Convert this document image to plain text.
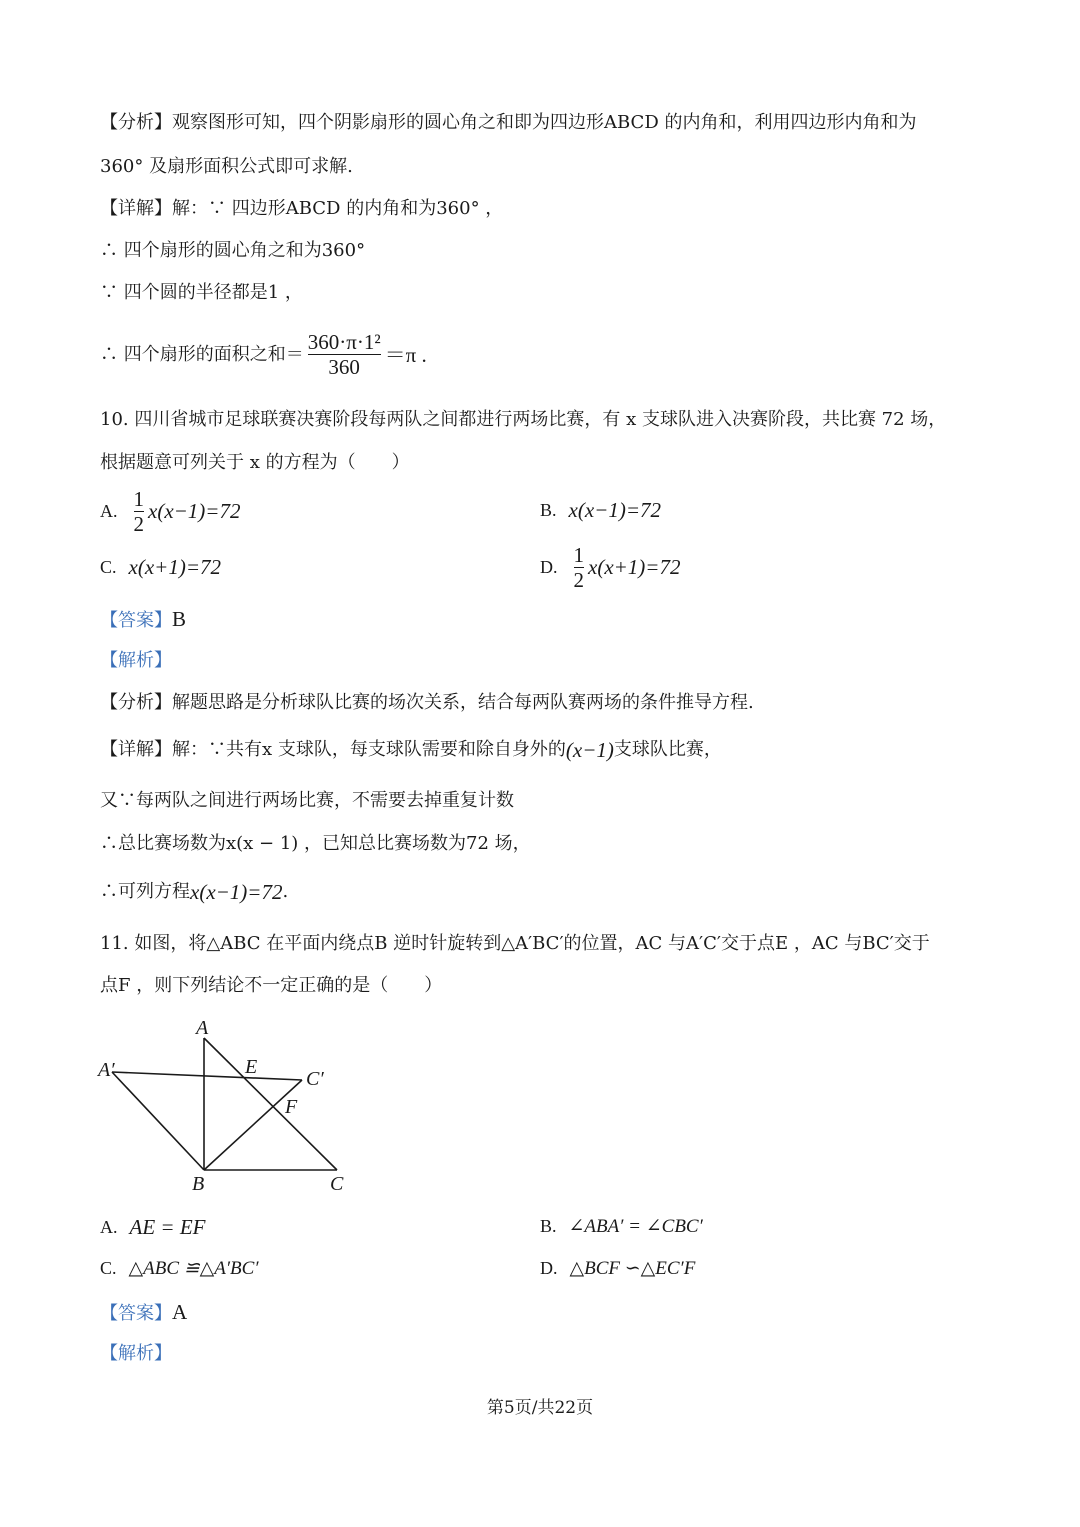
【分析】观察图形可知，四个阴影扇形的圆心角之和即为四边形ABCD 的内角和，利用四边形内角和为
360° 及扇形面积公式即可求解.
【详解】解：∵ 四边形ABCD 的内角和为360° ，
∴ 四个扇形的圆心角之和为360°
∵ 四个圆的半径都是1 ，
∴ 四个扇形的面积之和＝ $\frac{\text{360·π·1²}}{360} =\pi$ .
10. 四川省城市足球联赛决赛阶段每两队之间都进行两场比赛，有 x 支球队进入决赛阶段，共比赛 72 场，
根据题意可列关于 x 的方程为（　　）
A. $\frac{1}{2} x(x-1)=72$	B. x(x−1)=72
C. x(x+1)=72	D. $\frac{1}{2} x(x+1)=72$
【答案】B
【解析】
【分析】解题思路是分析球队比赛的场次关系，结合每两队赛两场的条件推导方程.
【详解】解：∵共有x 支球队，每支球队需要和除自身外的 (x−1) 支球队比赛，
又∵每两队之间进行两场比赛，不需要去掉重复计数
∴总比赛场数为x(x − 1) ，已知总比赛场数为72 场，
∴可列方程 x(x−1)=72 .
11. 如图，将△ABC 在平面内绕点B 逆时针旋转到△A′BC′的位置，AC 与A′C′交于点E ，AC 与BC′交于
点F ，则下列结论不一定正确的是（　　）
A
A′	E
C′
F
B	C
A. AE = EF	B. ∠ABA′ = ∠CBC′
C. △ABC ≌△A′BC′	D. △BCF ∽△EC′F
【答案】A
【解析】
第5页/共22页
